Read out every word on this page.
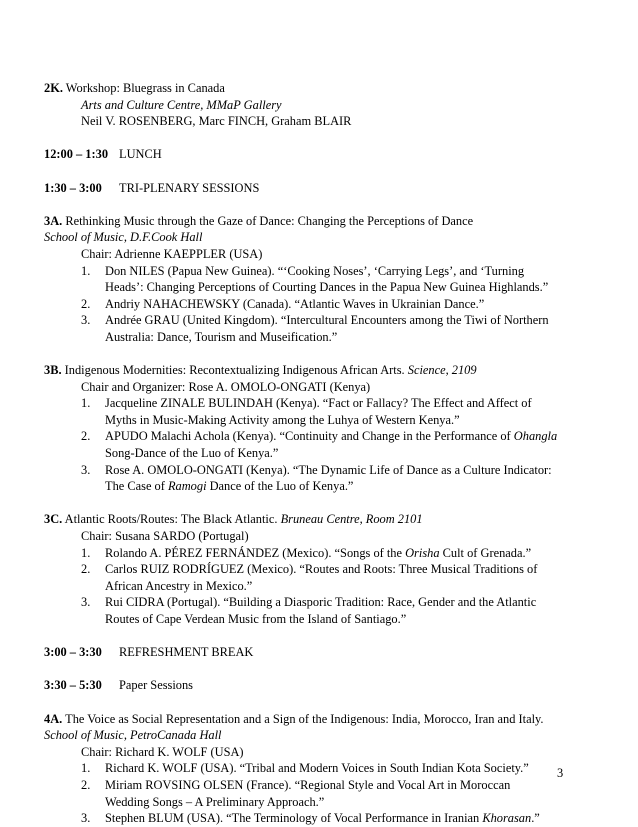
2K. Workshop: Bluegrass in Canada
Arts and Culture Centre, MMaP Gallery
Neil V. ROSENBERG, Marc FINCH, Graham BLAIR
12:00 – 1:30 LUNCH
1:30 – 3:00 TRI-PLENARY SESSIONS
3A. Rethinking Music through the Gaze of Dance: Changing the Perceptions of Dance
School of Music, D.F.Cook Hall
Chair: Adrienne KAEPPLER (USA)
1. Don NILES (Papua New Guinea). “‘Cooking Noses’, ‘Carrying Legs’, and ‘Turning
Heads’: Changing Perceptions of Courting Dances in the Papua New Guinea Highlands.”
2. Andriy NAHACHEWSKY (Canada). “Atlantic Waves in Ukrainian Dance.”
3. Andrée GRAU (United Kingdom). “Intercultural Encounters among the Tiwi of Northern
Australia: Dance, Tourism and Museification.”
3B. Indigenous Modernities: Recontextualizing Indigenous African Arts. Science, 2109
Chair and Organizer: Rose A. OMOLO-ONGATI (Kenya)
1. Jacqueline ZINALE BULINDAH (Kenya). “Fact or Fallacy? The Effect and Affect of
Myths in Music-Making Activity among the Luhya of Western Kenya.”
2. APUDO Malachi Achola (Kenya). “Continuity and Change in the Performance of Ohangla
Song-Dance of the Luo of Kenya.”
3. Rose A. OMOLO-ONGATI (Kenya). “The Dynamic Life of Dance as a Culture Indicator:
The Case of Ramogi Dance of the Luo of Kenya.”
3C. Atlantic Roots/Routes: The Black Atlantic. Bruneau Centre, Room 2101
Chair: Susana SARDO (Portugal)
1. Rolando A. PÉREZ FERNÁNDEZ (Mexico). “Songs of the Orisha Cult of Grenada.”
2. Carlos RUIZ RODRÍGUEZ (Mexico). “Routes and Roots: Three Musical Traditions of
African Ancestry in Mexico.”
3. Rui CIDRA (Portugal). “Building a Diasporic Tradition: Race, Gender and the Atlantic
Routes of Cape Verdean Music from the Island of Santiago.”
3:00 – 3:30 REFRESHMENT BREAK
3:30 – 5:30 Paper Sessions
4A. The Voice as Social Representation and a Sign of the Indigenous: India, Morocco, Iran and Italy.
School of Music, PetroCanada Hall
Chair: Richard K. WOLF (USA)
1. Richard K. WOLF (USA). “Tribal and Modern Voices in South Indian Kota Society.”
2. Miriam ROVSING OLSEN (France). “Regional Style and Vocal Art in Moroccan
Wedding Songs – A Preliminary Approach.”
3. Stephen BLUM (USA). “The Terminology of Vocal Performance in Iranian Khorasan.”
3
